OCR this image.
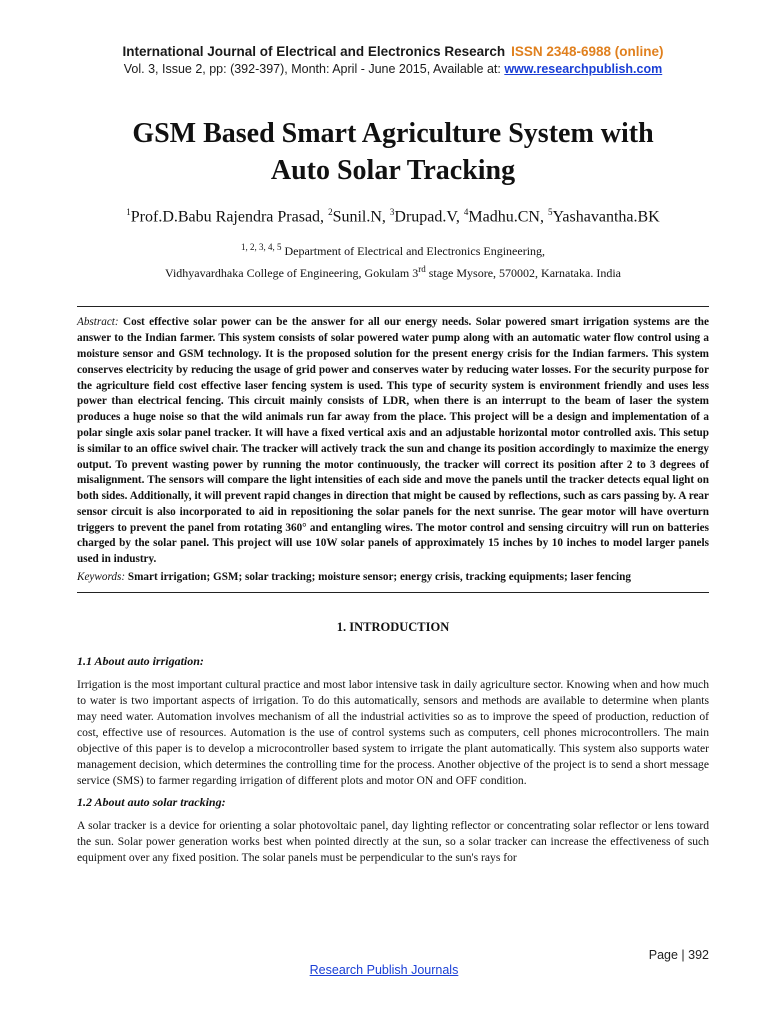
International Journal of Electrical and Electronics Research ISSN 2348-6988 (online)
Vol. 3, Issue 2, pp: (392-397), Month: April - June 2015, Available at: www.researchpublish.com
GSM Based Smart Agriculture System with
Auto Solar Tracking
$^1$Prof.D.Babu Rajendra Prasad, $^2$Sunil.N, $^3$Drupad.V, $^4$Madhu.CN, $^5$Yashavantha.BK
$^{1, 2, 3, 4, 5}$ Department of Electrical and Electronics Engineering,
Vidhyavardhaka College of Engineering, Gokulam 3rd stage Mysore, 570002, Karnataka. India
Abstract: Cost effective solar power can be the answer for all our energy needs. Solar powered smart irrigation systems are the answer to the Indian farmer. This system consists of solar powered water pump along with an automatic water flow control using a moisture sensor and GSM technology. It is the proposed solution for the present energy crisis for the Indian farmers. This system conserves electricity by reducing the usage of grid power and conserves water by reducing water losses. For the security purpose for the agriculture field cost effective laser fencing system is used. This type of security system is environment friendly and uses less power than electrical fencing. This circuit mainly consists of LDR, when there is an interrupt to the beam of laser the system produces a huge noise so that the wild animals run far away from the place. This project will be a design and implementation of a polar single axis solar panel tracker. It will have a fixed vertical axis and an adjustable horizontal motor controlled axis. This setup is similar to an office swivel chair. The tracker will actively track the sun and change its position accordingly to maximize the energy output. To prevent wasting power by running the motor continuously, the tracker will correct its position after 2 to 3 degrees of misalignment. The sensors will compare the light intensities of each side and move the panels until the tracker detects equal light on both sides. Additionally, it will prevent rapid changes in direction that might be caused by reflections, such as cars passing by. A rear sensor circuit is also incorporated to aid in repositioning the solar panels for the next sunrise. The gear motor will have overturn triggers to prevent the panel from rotating 360° and entangling wires. The motor control and sensing circuitry will run on batteries charged by the solar panel. This project will use 10W solar panels of approximately 15 inches by 10 inches to model larger panels used in industry.
Keywords: Smart irrigation; GSM; solar tracking; moisture sensor; energy crisis, tracking equipments; laser fencing
1. INTRODUCTION
1.1 About auto irrigation:
Irrigation is the most important cultural practice and most labor intensive task in daily agriculture sector. Knowing when and how much to water is two important aspects of irrigation. To do this automatically, sensors and methods are available to determine when plants may need water. Automation involves mechanism of all the industrial activities so as to improve the speed of production, reduction of cost, effective use of resources. Automation is the use of control systems such as computers, cell phones microcontrollers. The main objective of this paper is to develop a microcontroller based system to irrigate the plant automatically. This system also supports water management decision, which determines the controlling time for the process. Another objective of the project is to send a short message service (SMS) to farmer regarding irrigation of different plots and motor ON and OFF condition.
1.2 About auto solar tracking:
A solar tracker is a device for orienting a solar photovoltaic panel, day lighting reflector or concentrating solar reflector or lens toward the sun. Solar power generation works best when pointed directly at the sun, so a solar tracker can increase the effectiveness of such equipment over any fixed position. The solar panels must be perpendicular to the sun's rays for
Page | 392
Research Publish Journals
